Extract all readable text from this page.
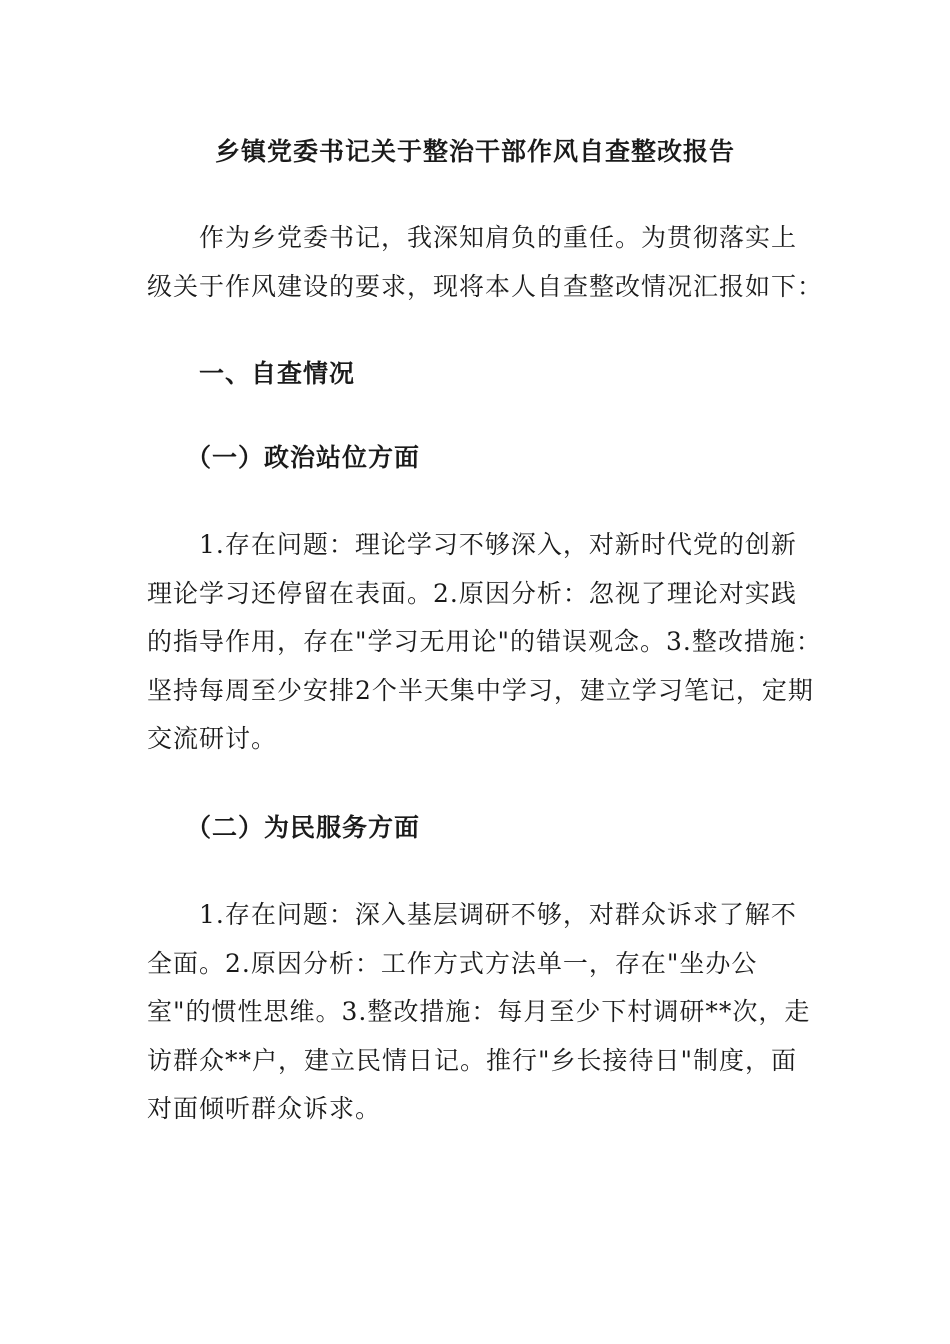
乡镇党委书记关于整治干部作风自查整改报告
作为乡党委书记，我深知肩负的重任。为贯彻落实上
级关于作风建设的要求，现将本人自查整改情况汇报如下：
一、自查情况
（一）政治站位方面
1.存在问题：理论学习不够深入，对新时代党的创新
理论学习还停留在表面。2.原因分析：忽视了理论对实践
的指导作用，存在"学习无用论"的错误观念。3.整改措施：
坚持每周至少安排2个半天集中学习，建立学习笔记，定期
交流研讨。
（二）为民服务方面
1.存在问题：深入基层调研不够，对群众诉求了解不
全面。2.原因分析：工作方式方法单一，存在"坐办公
室"的惯性思维。3.整改措施：每月至少下村调研**次，走
访群众**户，建立民情日记。推行"乡长接待日"制度，面
对面倾听群众诉求。
